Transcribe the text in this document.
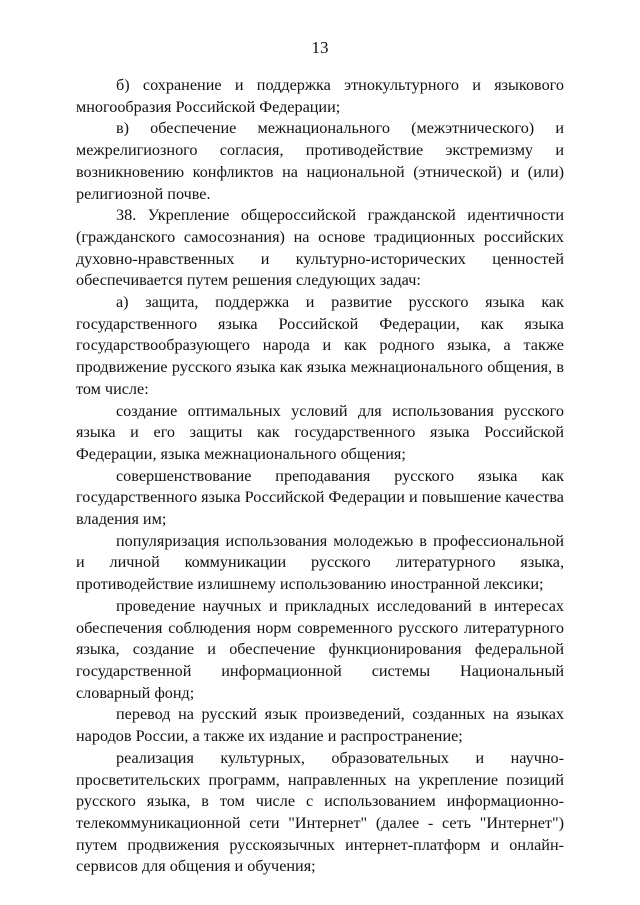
13

б) сохранение и поддержка этнокультурного и языкового многообразия Российской Федерации;

в) обеспечение межнационального (межэтнического) и межрелигиозного согласия, противодействие экстремизму и возникновению конфликтов на национальной (этнической) и (или) религиозной почве.

38. Укрепление общероссийской гражданской идентичности (гражданского самосознания) на основе традиционных российских духовно-нравственных и культурно-исторических ценностей обеспечивается путем решения следующих задач:

а) защита, поддержка и развитие русского языка как государственного языка Российской Федерации, как языка государствообразующего народа и как родного языка, а также продвижение русского языка как языка межнационального общения, в том числе:

создание оптимальных условий для использования русского языка и его защиты как государственного языка Российской Федерации, языка межнационального общения;

совершенствование преподавания русского языка как государственного языка Российской Федерации и повышение качества владения им;

популяризация использования молодежью в профессиональной и личной коммуникации русского литературного языка, противодействие излишнему использованию иностранной лексики;

проведение научных и прикладных исследований в интересах обеспечения соблюдения норм современного русского литературного языка, создание и обеспечение функционирования федеральной государственной информационной системы Национальный словарный фонд;

перевод на русский язык произведений, созданных на языках народов России, а также их издание и распространение;

реализация культурных, образовательных и научно-просветительских программ, направленных на укрепление позиций русского языка, в том числе с использованием информационно-телекоммуникационной сети "Интернет" (далее - сеть "Интернет") путем продвижения русскоязычных интернет-платформ и онлайн-сервисов для общения и обучения;
